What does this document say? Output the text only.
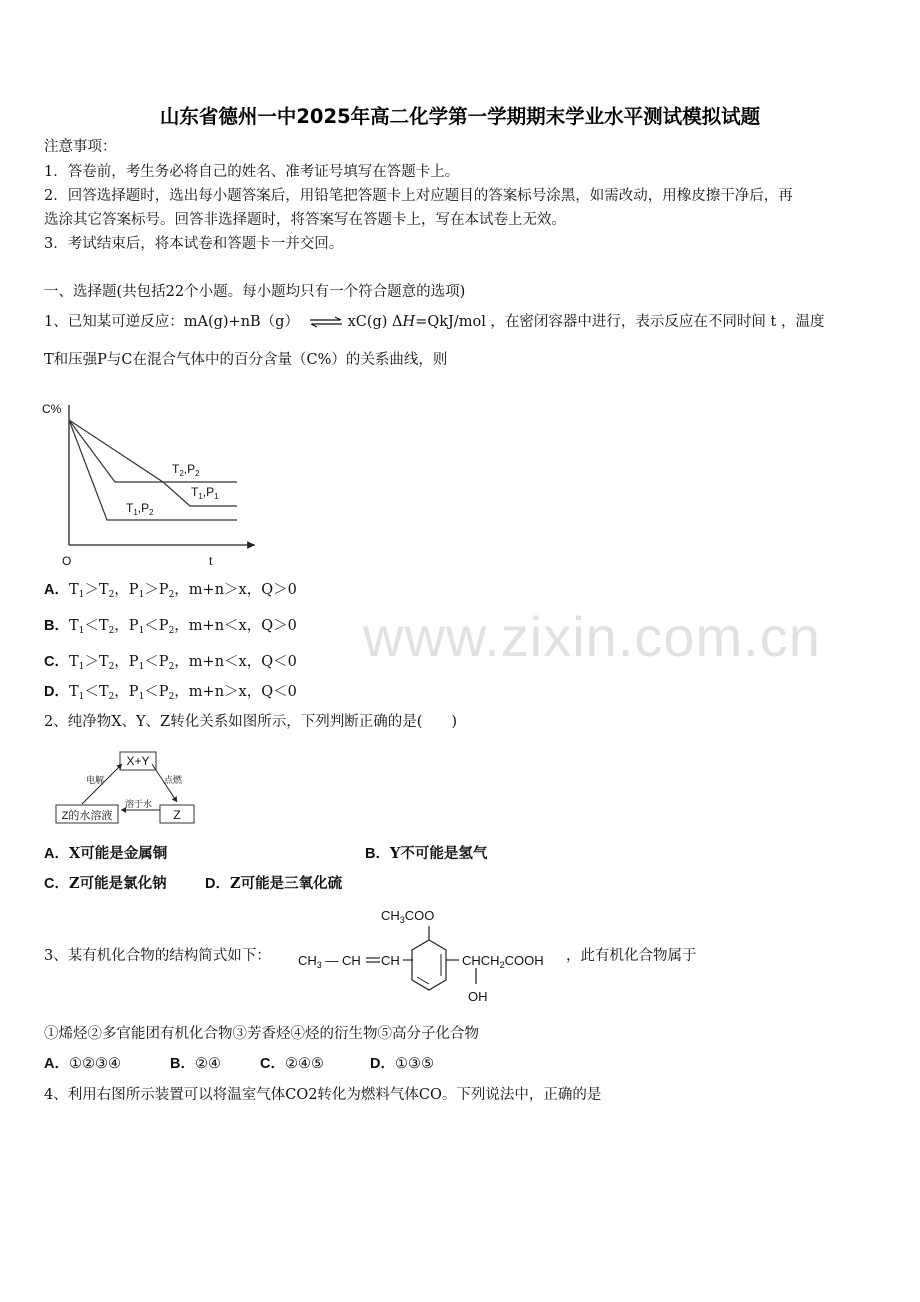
山东省德州一中2025年高二化学第一学期期末学业水平测试模拟试题
注意事项：
1．答卷前，考生务必将自己的姓名、准考证号填写在答题卡上。
2．回答选择题时，选出每小题答案后，用铅笔把答题卡上对应题目的答案标号涂黑，如需改动，用橡皮擦干净后，再
选涂其它答案标号。回答非选择题时，将答案写在答题卡上，写在本试卷上无效。
3．考试结束后，将本试卷和答题卡一并交回。
一、选择题(共包括22个小题。每小题均只有一个符合题意的选项)
1、已知某可逆反应：mA(g)+nB（g） ⇌ xC(g) ΔH=QkJ/mol ，在密闭容器中进行，表示反应在不同时间 t ，温度
T和压强P与C在混合气体中的百分含量（C%）的关系曲线，则
C%
O	t
$T_2,P_2$
$T_1,P_1$
$T_1,P_2$
A．$T_1>T_2$，$P_1>P_2$，m+n＞x，Q＞0
B．$T_1<T_2$，$P_1<P_2$，m+n＜x，Q＞0
C．$T_1>T_2$，$P_1<P_2$，m+n＜x，Q＜0
D．$T_1<T_2$，$P_1<P_2$，m+n＞x，Q＜0
www.zixin.com.cn
2、纯净物X、Y、Z转化关系如图所示，下列判断正确的是(　　)
X+Y
Z的水溶液	Z
电解	点燃
溶于水
A．X可能是金属铜	B．Y不可能是氢气
C．Z可能是氯化钠	D．Z可能是三氧化硫
3、某有机化合物的结构简式如下：
$CH_3COO$
$CH_3$ — CH CH	$CHCH_2COOH$
OH
，此有机化合物属于
①烯烃②多官能团有机化合物③芳香烃④烃的衍生物⑤高分子化合物
A．①②③④	B．②④	C．②④⑤	D．①③⑤
4、利用右图所示装置可以将温室气体CO2转化为燃料气体CO。下列说法中，正确的是
